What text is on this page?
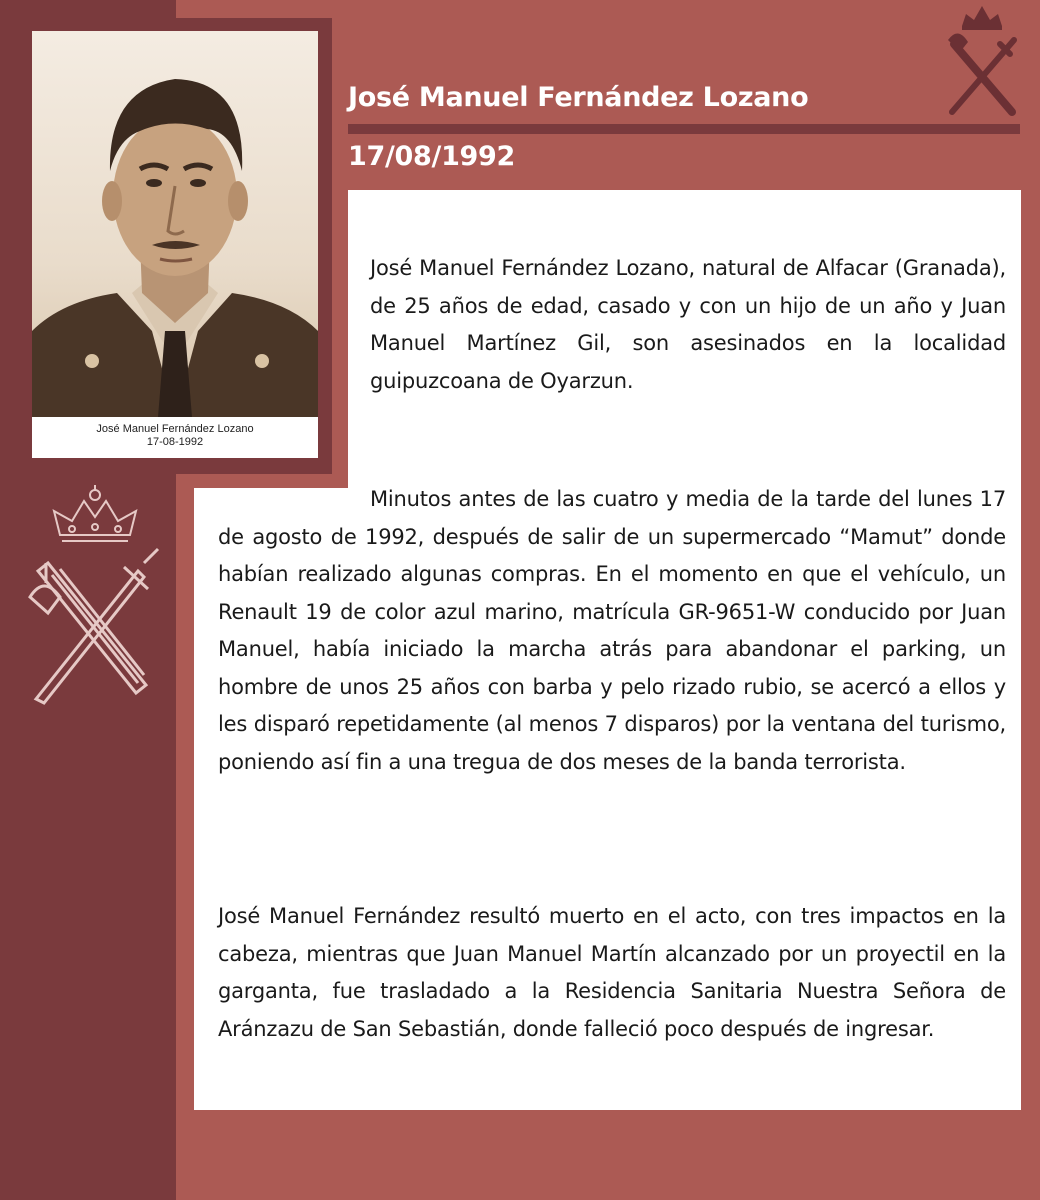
José Manuel Fernández Lozano
17-08-1992
José Manuel Fernández Lozano
17/08/1992

José Manuel Fernández Lozano, natural de Alfacar (Granada), de 25 años de edad, casado y con un hijo de un año y Juan Manuel Martínez Gil, son asesinados en la localidad guipuzcoana de Oyarzun.

Minutos antes de las cuatro y media de la tarde del lunes 17 de agosto de 1992, después de salir de un supermercado “Mamut” donde habían realizado algunas compras. En el momento en que el vehículo, un Renault 19 de color azul marino, matrícula GR-9651-W conducido por Juan Manuel, había iniciado la marcha atrás para abandonar el parking, un hombre de unos 25 años con barba y pelo rizado rubio, se acercó a ellos y les disparó repetidamente (al menos 7 disparos) por la ventana del turismo, poniendo así fin a una tregua de dos meses de la banda terrorista.

José Manuel Fernández resultó muerto en el acto, con tres impactos en la cabeza, mientras que Juan Manuel Martín alcanzado por un proyectil en la garganta, fue trasladado a la Residencia Sanitaria Nuestra Señora de Aránzazu de San Sebastián, donde falleció poco después de ingresar.
